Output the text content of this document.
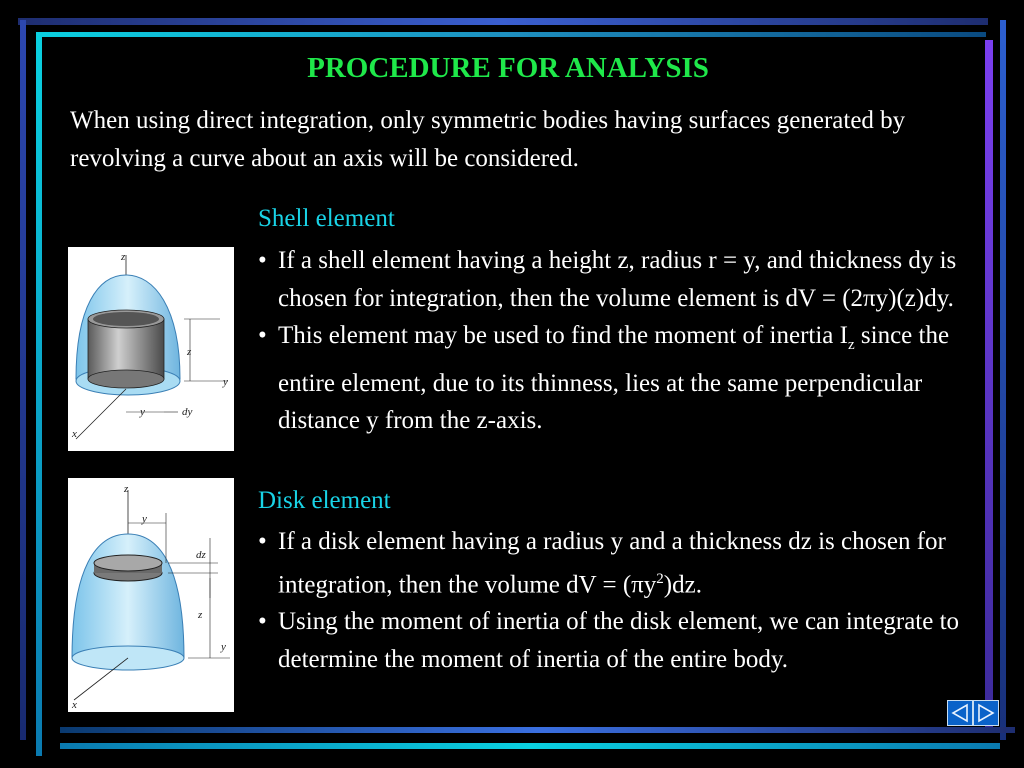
PROCEDURE FOR ANALYSIS
When using direct integration, only symmetric bodies having surfaces generated by revolving a curve about an axis will be considered.
z
z
y
y	dy
x
Shell element
• If a shell element having a height z, radius r = y, and thickness dy is chosen for integration, then the volume element is dV = (2πy)(z)dy.
• This element may be used to find the moment of inertia $I_z$ since the entire element, due to its thinness, lies at the same perpendicular distance y from the z-axis.
z
y
dz
z
y
x
Disk element
• If a disk element having a radius y and a thickness dz is chosen for integration, then the volume dV = $(\pi y^2)dz$.
• Using the moment of inertia of the disk element, we can integrate to determine the moment of inertia of the entire body.
